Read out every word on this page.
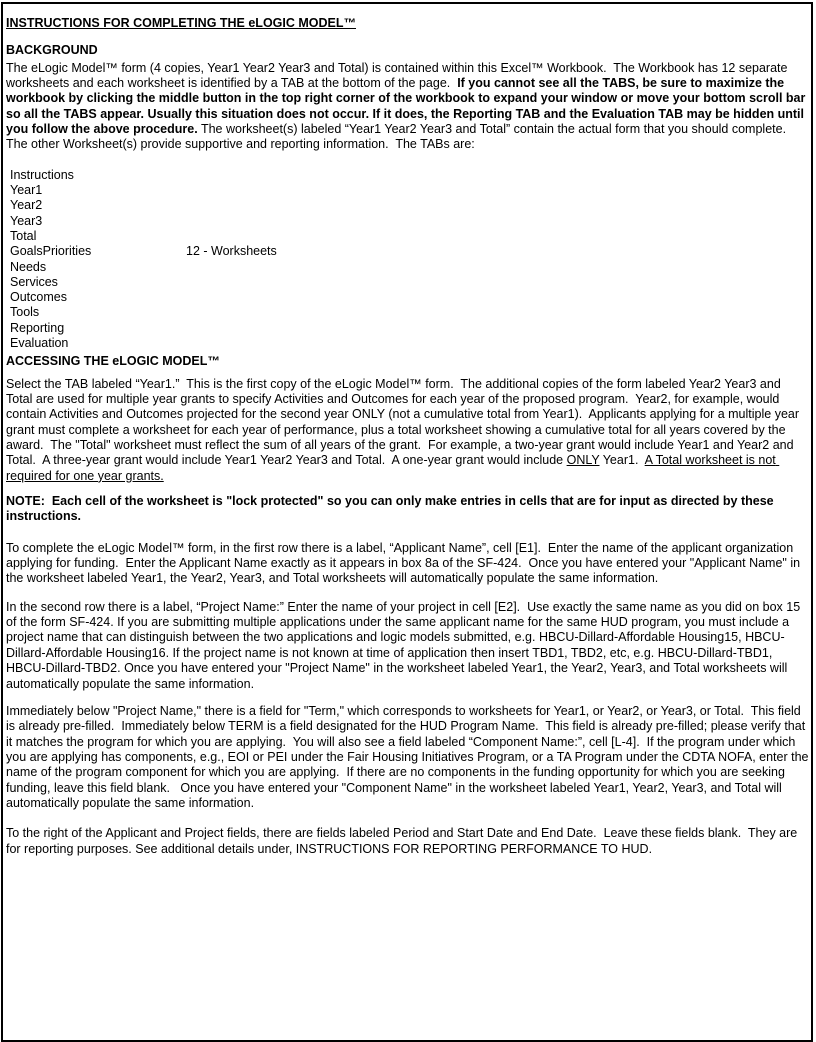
INSTRUCTIONS FOR COMPLETING THE eLOGIC MODEL™

BACKGROUND

The eLogic Model™ form (4 copies, Year1 Year2 Year3 and Total) is contained within this Excel™ Workbook.  The Workbook has 12 separate worksheets and each worksheet is identified by a TAB at the bottom of the page.  If you cannot see all the TABS, be sure to maximize the workbook by clicking the middle button in the top right corner of the workbook to expand your window or move your bottom scroll bar so all the TABS appear. Usually this situation does not occur. If it does, the Reporting TAB and the Evaluation TAB may be hidden until you follow the above procedure. The worksheet(s) labeled “Year1 Year2 Year3 and Total” contain the actual form that you should complete.  The other Worksheet(s) provide supportive and reporting information.  The TABs are:

Instructions
Year1
Year2
Year3
Total
GoalsPriorities	12 - Worksheets
Needs
Services
Outcomes
Tools
Reporting
Evaluation

ACCESSING THE eLOGIC MODEL™

Select the TAB labeled “Year1.”  This is the first copy of the eLogic Model™ form.  The additional copies of the form labeled Year2 Year3 and Total are used for multiple year grants to specify Activities and Outcomes for each year of the proposed program.  Year2, for example, would contain Activities and Outcomes projected for the second year ONLY (not a cumulative total from Year1).  Applicants applying for a multiple year grant must complete a worksheet for each year of performance, plus a total worksheet showing a cumulative total for all years covered by the award.  The "Total" worksheet must reflect the sum of all years of the grant.  For example, a two-year grant would include Year1 and Year2 and Total.  A three-year grant would include Year1 Year2 Year3 and Total.  A one-year grant would include ONLY Year1.  A Total worksheet is not required for one year grants.

NOTE:  Each cell of the worksheet is "lock protected" so you can only make entries in cells that are for input as directed by these instructions.

To complete the eLogic Model™ form, in the first row there is a label, “Applicant Name”, cell [E1].  Enter the name of the applicant organization applying for funding.  Enter the Applicant Name exactly as it appears in box 8a of the SF-424.  Once you have entered your "Applicant Name" in the worksheet labeled Year1, the Year2, Year3, and Total worksheets will automatically populate the same information.

In the second row there is a label, “Project Name:” Enter the name of your project in cell [E2].  Use exactly the same name as you did on box 15 of the form SF-424. If you are submitting multiple applications under the same applicant name for the same HUD program, you must include a project name that can distinguish between the two applications and logic models submitted, e.g. HBCU-Dillard-Affordable Housing15, HBCU-Dillard-Affordable Housing16. If the project name is not known at time of application then insert TBD1, TBD2, etc, e.g. HBCU-Dillard-TBD1, HBCU-Dillard-TBD2. Once you have entered your "Project Name" in the worksheet labeled Year1, the Year2, Year3, and Total worksheets will automatically populate the same information.

Immediately below "Project Name," there is a field for "Term," which corresponds to worksheets for Year1, or Year2, or Year3, or Total.  This field is already pre-filled.  Immediately below TERM is a field designated for the HUD Program Name.  This field is already pre-filled; please verify that it matches the program for which you are applying.  You will also see a field labeled “Component Name:”, cell [L-4].  If the program under which you are applying has components, e.g., EOI or PEI under the Fair Housing Initiatives Program, or a TA Program under the CDTA NOFA, enter the name of the program component for which you are applying.  If there are no components in the funding opportunity for which you are seeking funding, leave this field blank.   Once you have entered your "Component Name" in the worksheet labeled Year1, Year2, Year3, and Total will automatically populate the same information.

To the right of the Applicant and Project fields, there are fields labeled Period and Start Date and End Date.  Leave these fields blank.  They are for reporting purposes. See additional details under, INSTRUCTIONS FOR REPORTING PERFORMANCE TO HUD.
